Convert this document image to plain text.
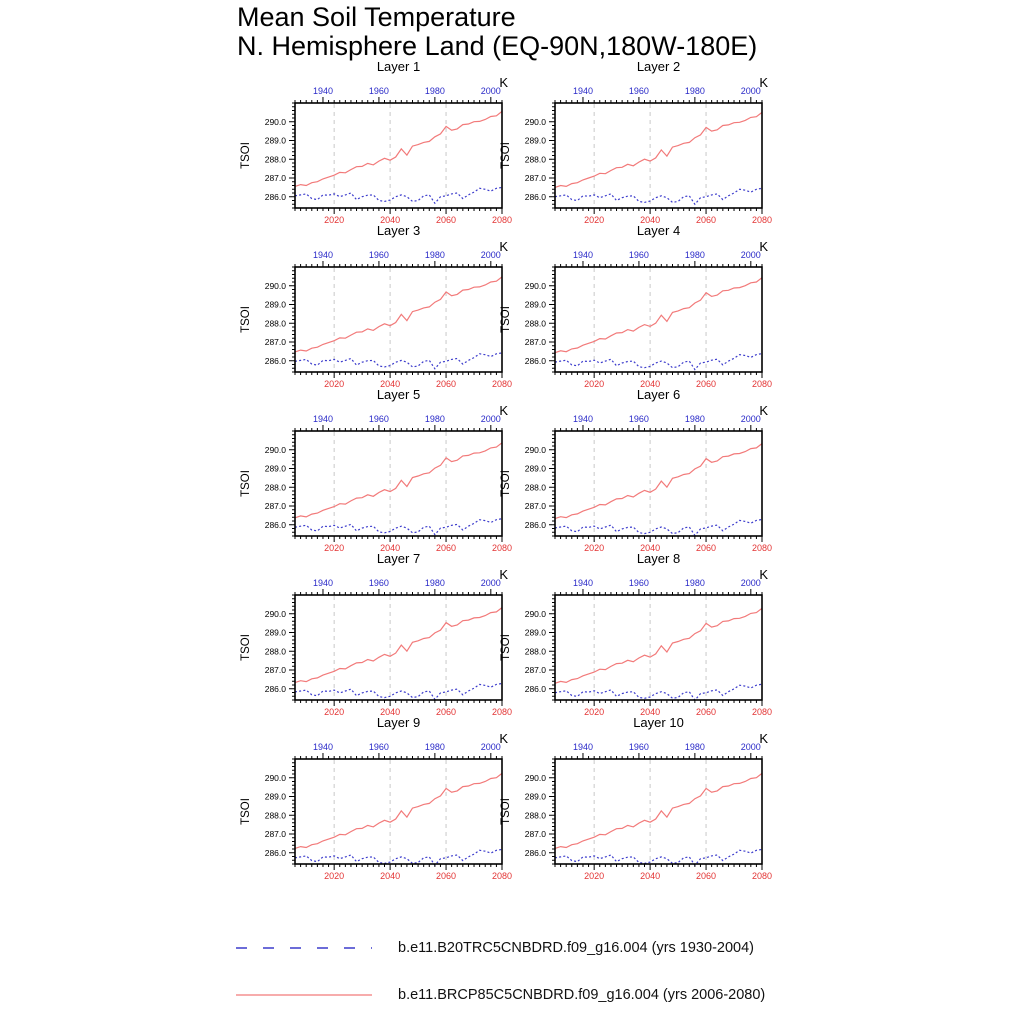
Mean Soil Temperature
N. Hemisphere Land (EQ-90N,180W-180E)
1940	1960	1980	2000
2020	2040	2060	2080
286.0
287.0
288.0
289.0
290.0
Layer 1
K
TSOI
1940	1960	1980	2000
2020	2040	2060	2080
286.0
287.0
288.0
289.0
290.0
Layer 2
K
TSOI
1940	1960	1980	2000
2020	2040	2060	2080
286.0
287.0
288.0
289.0
290.0
Layer 3
K
TSOI
1940	1960	1980	2000
2020	2040	2060	2080
286.0
287.0
288.0
289.0
290.0
Layer 4
K
TSOI
1940	1960	1980	2000
2020	2040	2060	2080
286.0
287.0
288.0
289.0
290.0
Layer 5
K
TSOI
1940	1960	1980	2000
2020	2040	2060	2080
286.0
287.0
288.0
289.0
290.0
Layer 6
K
TSOI
1940	1960	1980	2000
2020	2040	2060	2080
286.0
287.0
288.0
289.0
290.0
Layer 7
K
TSOI
1940	1960	1980	2000
2020	2040	2060	2080
286.0
287.0
288.0
289.0
290.0
Layer 8
K
TSOI
1940	1960	1980	2000
2020	2040	2060	2080
286.0
287.0
288.0
289.0
290.0
Layer 9
K
TSOI
1940	1960	1980	2000
2020	2040	2060	2080
286.0
287.0
288.0
289.0
290.0
Layer 10
K
TSOI
b.e11.B20TRC5CNBDRD.f09_g16.004 (yrs 1930-2004)
b.e11.BRCP85C5CNBDRD.f09_g16.004 (yrs 2006-2080)
